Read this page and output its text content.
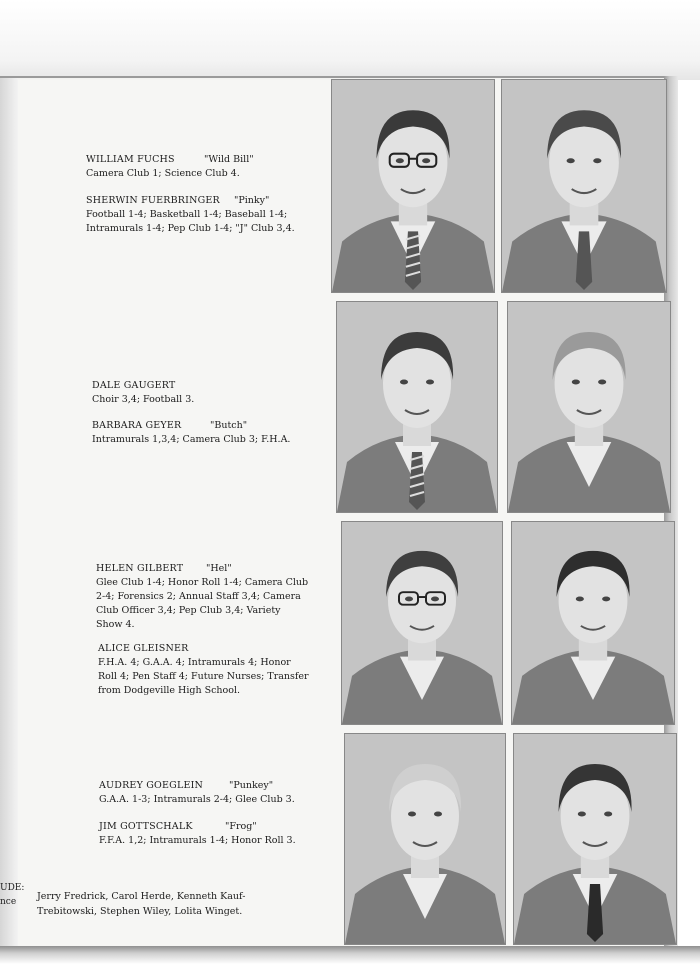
WILLIAM FUCHS	"Wild Bill"
Camera Club 1; Science Club 4.
SHERWIN FUERBRINGER	"Pinky"
Football 1-4; Basketball 1-4; Baseball 1-4;
Intramurals 1-4; Pep Club 1-4; "J" Club 3,4.
DALE GAUGERT
Choir 3,4; Football 3.
BARBARA GEYER	"Butch"
Intramurals 1,3,4; Camera Club 3; F.H.A.
HELEN GILBERT	"Hel"
Glee Club 1-4; Honor Roll 1-4; Camera Club
2-4; Forensics 2; Annual Staff 3,4; Camera
Club Officer 3,4; Pep Club 3,4; Variety
Show 4.
ALICE GLEISNER
F.H.A. 4; G.A.A. 4; Intramurals 4; Honor
Roll 4; Pen Staff 4; Future Nurses; Transfer
from Dodgeville High School.
AUDREY GOEGLEIN	"Punkey"
G.A.A. 1-3; Intramurals 2-4; Glee Club 3.
JIM GOTTSCHALK	"Frog"
F.F.A. 1,2; Intramurals 1-4; Honor Roll 3.
UDE:
nce	Jerry Fredrick, Carol Herde, Kenneth Kauf-
Trebitowski, Stephen Wiley, Lolita Winget.
